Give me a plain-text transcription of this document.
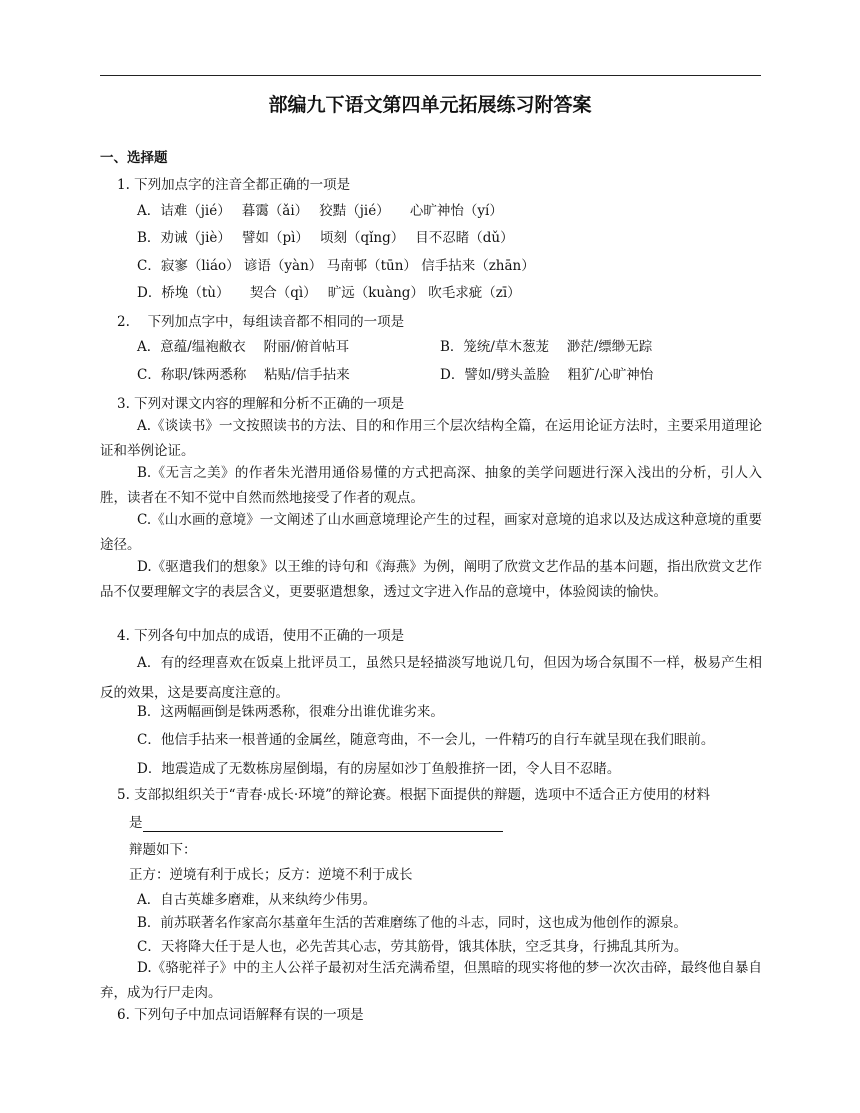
部编九下语文第四单元拓展练习附答案
一、选择题
1. 下列加点字的注音全都正确的一项是
A．诘难（jié）　 暮霭（ǎi）　 狡黠（jié）　　心旷神怡（yí）
B．劝诫（jiè）　 譬如（pì）　 顷刻（qǐng）　 目不忍睹（dǔ）
C．寂寥（liáo） 谚语（yàn） 马南邨（tūn） 信手拈来（zhān）
D．桥堍（tù）　　契合（qì）　 旷远（kuàng） 吹毛求疵（zī）
2.　 下列加点字中，每组读音都不相同的一项是
A．意蕴/缊袍敝衣　 附丽/俯首帖耳	B．笼统/草木葱茏　 渺茫/缥缈无踪
C．称职/铢两悉称　 粘贴/信手拈来	D．譬如/劈头盖脸　 粗犷/心旷神怡
3. 下列对课文内容的理解和分析不正确的一项是
A.《谈读书》一文按照读书的方法、目的和作用三个层次结构全篇，在运用论证方法时，主要采用道理论证和举例论证。
B.《无言之美》的作者朱光潜用通俗易懂的方式把高深、抽象的美学问题进行深入浅出的分析，引人入胜，读者在不知不觉中自然而然地接受了作者的观点。
C.《山水画的意境》一文阐述了山水画意境理论产生的过程，画家对意境的追求以及达成这种意境的重要途径。
D.《驱遣我们的想象》以王维的诗句和《海燕》为例，阐明了欣赏文艺作品的基本问题，指出欣赏文艺作品不仅要理解文字的表层含义，更要驱遣想象，透过文字进入作品的意境中，体验阅读的愉快。
4. 下列各句中加点的成语，使用不正确的一项是
A．有的经理喜欢在饭桌上批评员工，虽然只是轻描淡写地说几句，但因为场合氛围不一样，极易产生相反的效果，这是要高度注意的。
B．这两幅画倒是铢两悉称，很难分出谁优谁劣来。
C．他信手拈来一根普通的金属丝，随意弯曲，不一会儿，一件精巧的自行车就呈现在我们眼前。
D．地震造成了无数栋房屋倒塌，有的房屋如沙丁鱼般推挤一团，令人目不忍睹。
5. 支部拟组织关于“青春·成长·环境”的辩论赛。根据下面提供的辩题，选项中不适合正方使用的材料
是
辩题如下：
正方：逆境有利于成长；反方：逆境不利于成长
A．自古英雄多磨难，从来纨绔少伟男。
B．前苏联著名作家高尔基童年生活的苦难磨练了他的斗志，同时，这也成为他创作的源泉。
C．天将降大任于是人也，必先苦其心志，劳其筋骨，饿其体肤，空乏其身，行拂乱其所为。
D.《骆驼祥子》中的主人公祥子最初对生活充满希望，但黑暗的现实将他的梦一次次击碎，最终他自暴自弃，成为行尸走肉。
6. 下列句子中加点词语解释有误的一项是
